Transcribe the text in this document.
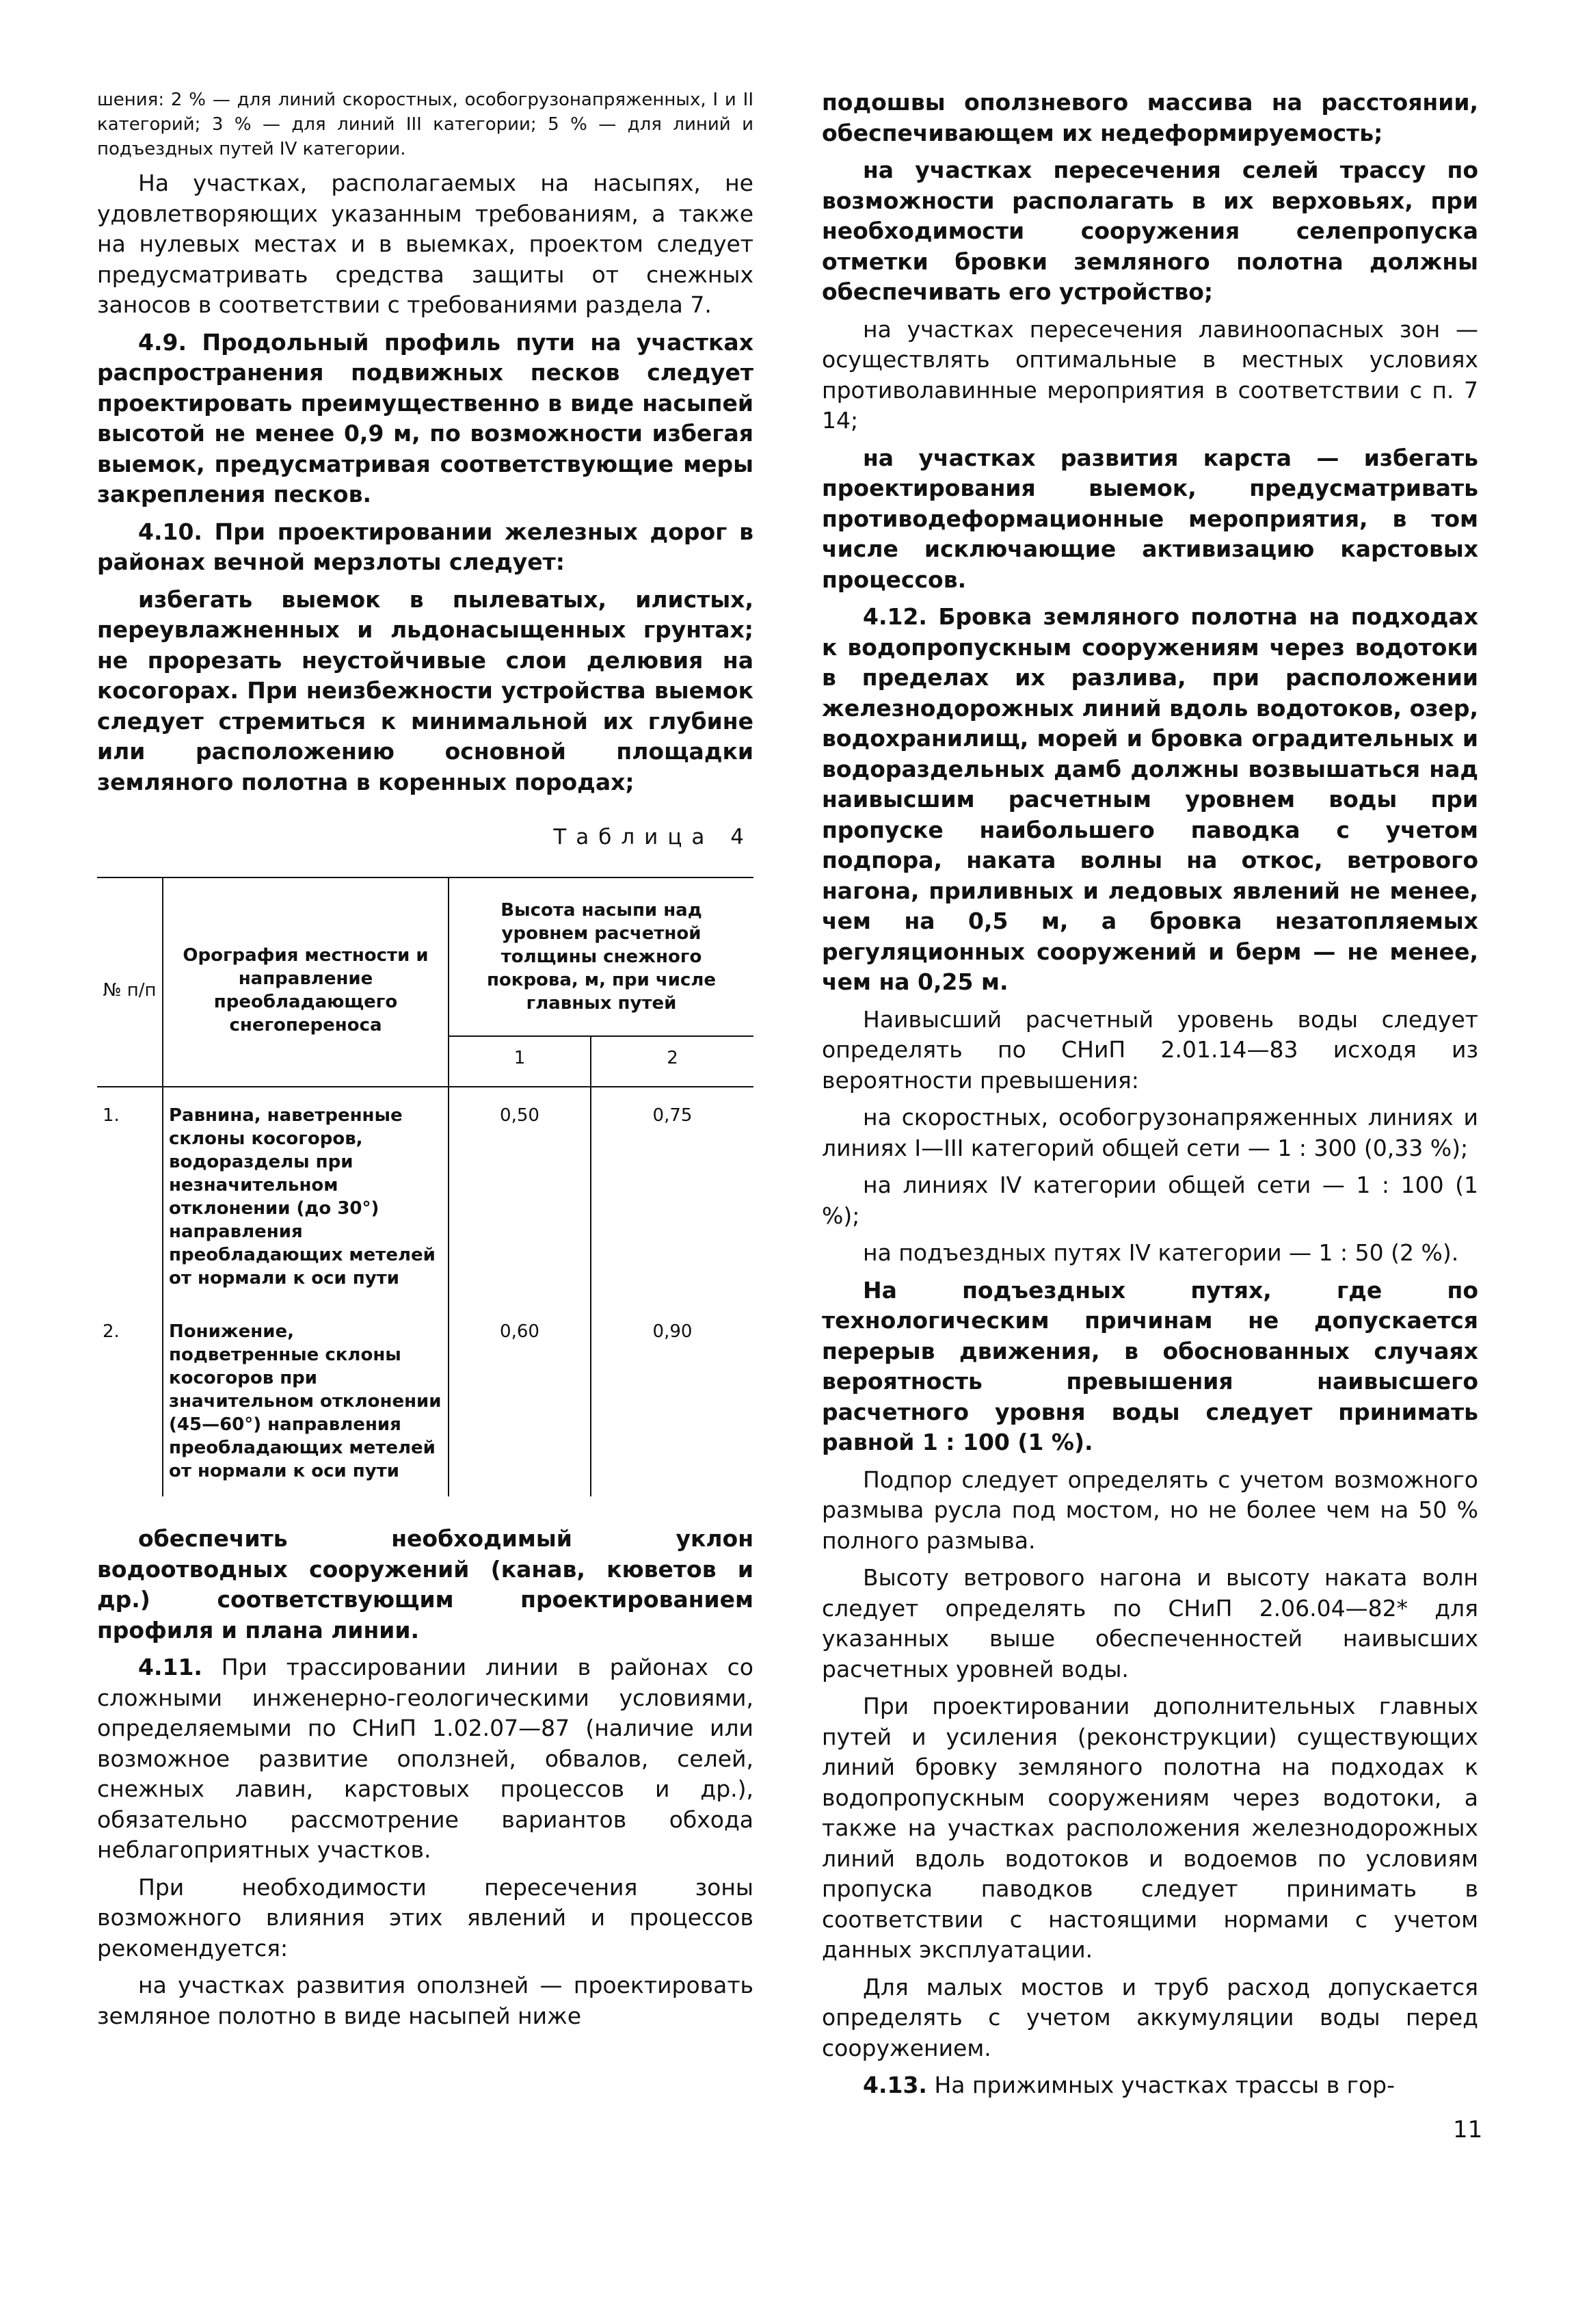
шения: 2 % — для линий скоростных, особогрузонапряженных, I и II категорий; 3 % — для линий III категории; 5 % — для линий и подъездных путей IV категории.

На участках, располагаемых на насыпях, не удовлетворяющих указанным требованиям, а также на нулевых местах и в выемках, проектом следует предусматривать средства защиты от снежных заносов в соответствии с требованиями раздела 7.

4.9. Продольный профиль пути на участках распространения подвижных песков следует проектировать преимущественно в виде насыпей высотой не менее 0,9 м, по возможности избегая выемок, предусматривая соответствующие меры закрепления песков.

4.10. При проектировании железных дорог в районах вечной мерзлоты следует:

избегать выемок в пылеватых, илистых, переувлажненных и льдонасыщенных грунтах; не прорезать неустойчивые слои делювия на косогорах. При неизбежности устройства выемок следует стремиться к минимальной их глубине или расположению основной площадки земляного полотна в коренных породах;

Таблица 4
№ п/п	Орография местности и направление преобладающего снегопереноса	Высота насыпи над уровнем расчетной толщины снежного покрова, м, при числе главных путей	
		1	2
1.	Равнина, наветренные склоны косогоров, водоразделы при незначительном отклонении (до 30°) направления преобладающих метелей от нормали к оси пути	0,50	0,75
2.	Понижение, подветренные склоны косогоров при значительном отклонении (45—60°) направления преобладающих метелей от нормали к оси пути	0,60	0,90

обеспечить необходимый уклон водоотводных сооружений (канав, кюветов и др.) соответствующим проектированием профиля и плана линии.

4.11. При трассировании линии в районах со сложными инженерно-геологическими условиями, определяемыми по СНиП 1.02.07—87 (наличие или возможное развитие оползней, обвалов, селей, снежных лавин, карстовых процессов и др.), обязательно рассмотрение вариантов обхода неблагоприятных участков.

При необходимости пересечения зоны возможного влияния этих явлений и процессов рекомендуется:

на участках развития оползней — проектировать земляное полотно в виде насыпей ниже

подошвы оползневого массива на расстоянии, обеспечивающем их недеформируемость;

на участках пересечения селей трассу по возможности располагать в их верховьях, при необходимости сооружения селепропуска отметки бровки земляного полотна должны обеспечивать его устройство;

на участках пересечения лавиноопасных зон — осуществлять оптимальные в местных условиях противолавинные мероприятия в соответствии с п. 7 14;

на участках развития карста — избегать проектирования выемок, предусматривать противодеформационные мероприятия, в том числе исключающие активизацию карстовых процессов.

4.12. Бровка земляного полотна на подходах к водопропускным сооружениям через водотоки в пределах их разлива, при расположении железнодорожных линий вдоль водотоков, озер, водохранилищ, морей и бровка оградительных и водораздельных дамб должны возвышаться над наивысшим расчетным уровнем воды при пропуске наибольшего паводка с учетом подпора, наката волны на откос, ветрового нагона, приливных и ледовых явлений не менее, чем на 0,5 м, а бровка незатопляемых регуляционных сооружений и берм — не менее, чем на 0,25 м.

Наивысший расчетный уровень воды следует определять по СНиП 2.01.14—83 исходя из вероятности превышения:

на скоростных, особогрузонапряженных линиях и линиях I—III категорий общей сети — 1 : 300 (0,33 %);

на линиях IV категории общей сети — 1 : 100 (1 %);

на подъездных путях IV категории — 1 : 50 (2 %).

На подъездных путях, где по технологическим причинам не допускается перерыв движения, в обоснованных случаях вероятность превышения наивысшего расчетного уровня воды следует принимать равной 1 : 100 (1 %).

Подпор следует определять с учетом возможного размыва русла под мостом, но не более чем на 50 % полного размыва.

Высоту ветрового нагона и высоту наката волн следует определять по СНиП 2.06.04—82* для указанных выше обеспеченностей наивысших расчетных уровней воды.

При проектировании дополнительных главных путей и усиления (реконструкции) существующих линий бровку земляного полотна на подходах к водопропускным сооружениям через водотоки, а также на участках расположения железнодорожных линий вдоль водотоков и водоемов по условиям пропуска паводков следует принимать в соответствии с настоящими нормами с учетом данных эксплуатации.

Для малых мостов и труб расход допускается определять с учетом аккумуляции воды перед сооружением.

4.13. На прижимных участках трассы в гор-

11
